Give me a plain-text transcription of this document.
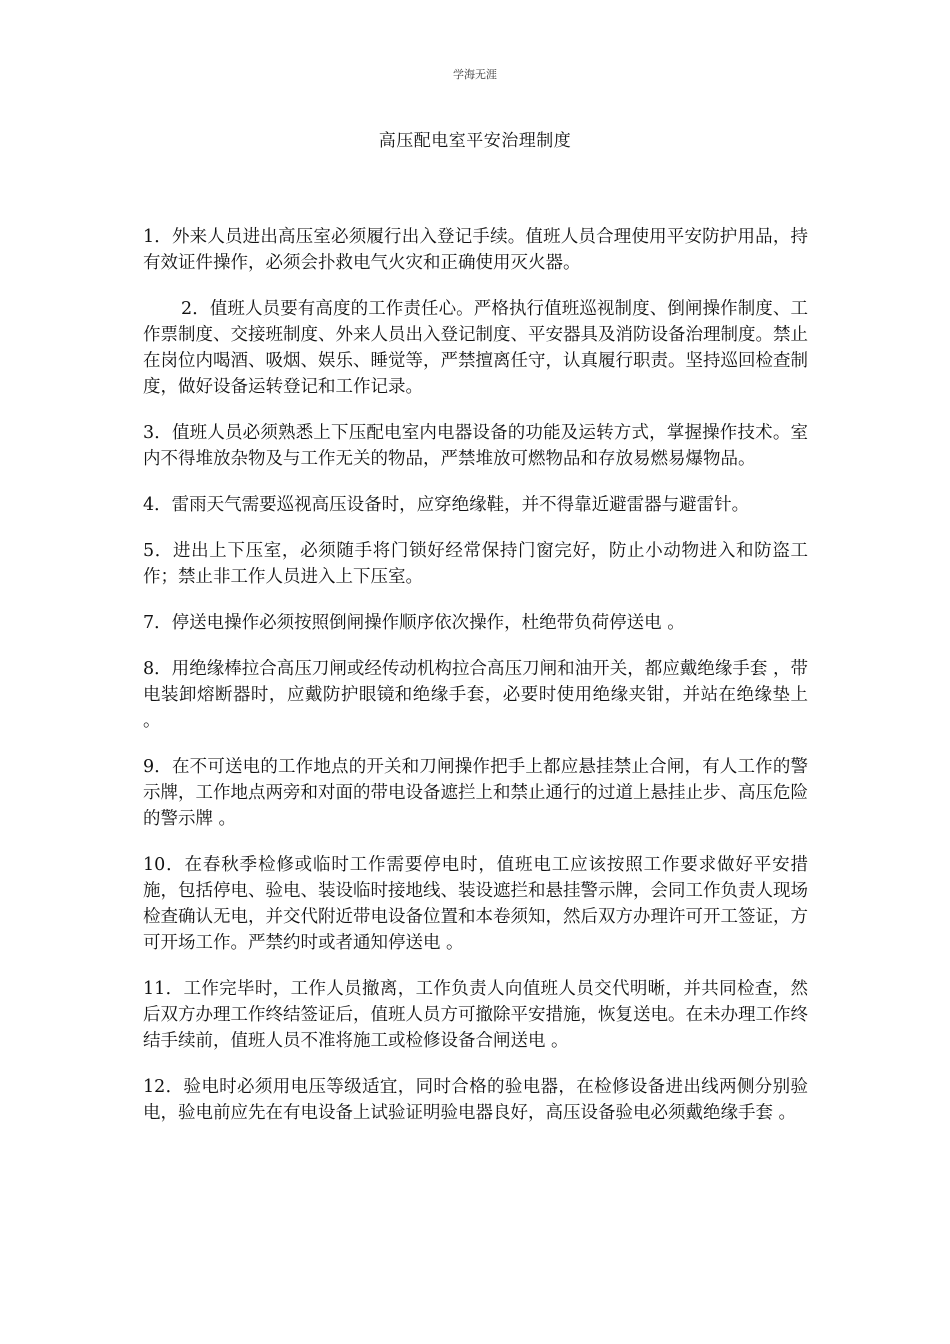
学海无涯
高压配电室平安治理制度

1．外来人员进出高压室必须履行出入登记手续。值班人员合理使用平安防护用品，持有效证件操作，必须会扑救电气火灾和正确使用灭火器。

2．值班人员要有高度的工作责任心。严格执行值班巡视制度、倒闸操作制度、工作票制度、交接班制度、外来人员出入登记制度、平安器具及消防设备治理制度。禁止在岗位内喝酒、吸烟、娱乐、睡觉等，严禁擅离任守，认真履行职责。坚持巡回检查制度，做好设备运转登记和工作记录。

3．值班人员必须熟悉上下压配电室内电器设备的功能及运转方式，掌握操作技术。室内不得堆放杂物及与工作无关的物品，严禁堆放可燃物品和存放易燃易爆物品。

4．雷雨天气需要巡视高压设备时，应穿绝缘鞋，并不得靠近避雷器与避雷针。

5．进出上下压室，必须随手将门锁好经常保持门窗完好，防止小动物进入和防盗工作；禁止非工作人员进入上下压室。

7．停送电操作必须按照倒闸操作顺序依次操作，杜绝带负荷停送电 。

8．用绝缘棒拉合高压刀闸或经传动机构拉合高压刀闸和油开关，都应戴绝缘手套 ，带电装卸熔断器时，应戴防护眼镜和绝缘手套，必要时使用绝缘夹钳，并站在绝缘垫上 。

9．在不可送电的工作地点的开关和刀闸操作把手上都应悬挂禁止合闸，有人工作的警示牌，工作地点两旁和对面的带电设备遮拦上和禁止通行的过道上悬挂止步、高压危险的警示牌 。

10．在春秋季检修或临时工作需要停电时，值班电工应该按照工作要求做好平安措施，包括停电、验电、装设临时接地线、装设遮拦和悬挂警示牌，会同工作负责人现场检查确认无电，并交代附近带电设备位置和本卷须知，然后双方办理许可开工签证，方可开场工作。严禁约时或者通知停送电 。

11．工作完毕时，工作人员撤离，工作负责人向值班人员交代明晰，并共同检查，然后双方办理工作终结签证后，值班人员方可撤除平安措施，恢复送电。在未办理工作终结手续前，值班人员不准将施工或检修设备合闸送电 。

12．验电时必须用电压等级适宜，同时合格的验电器，在检修设备进出线两侧分别验电，验电前应先在有电设备上试验证明验电器良好，高压设备验电必须戴绝缘手套 。
